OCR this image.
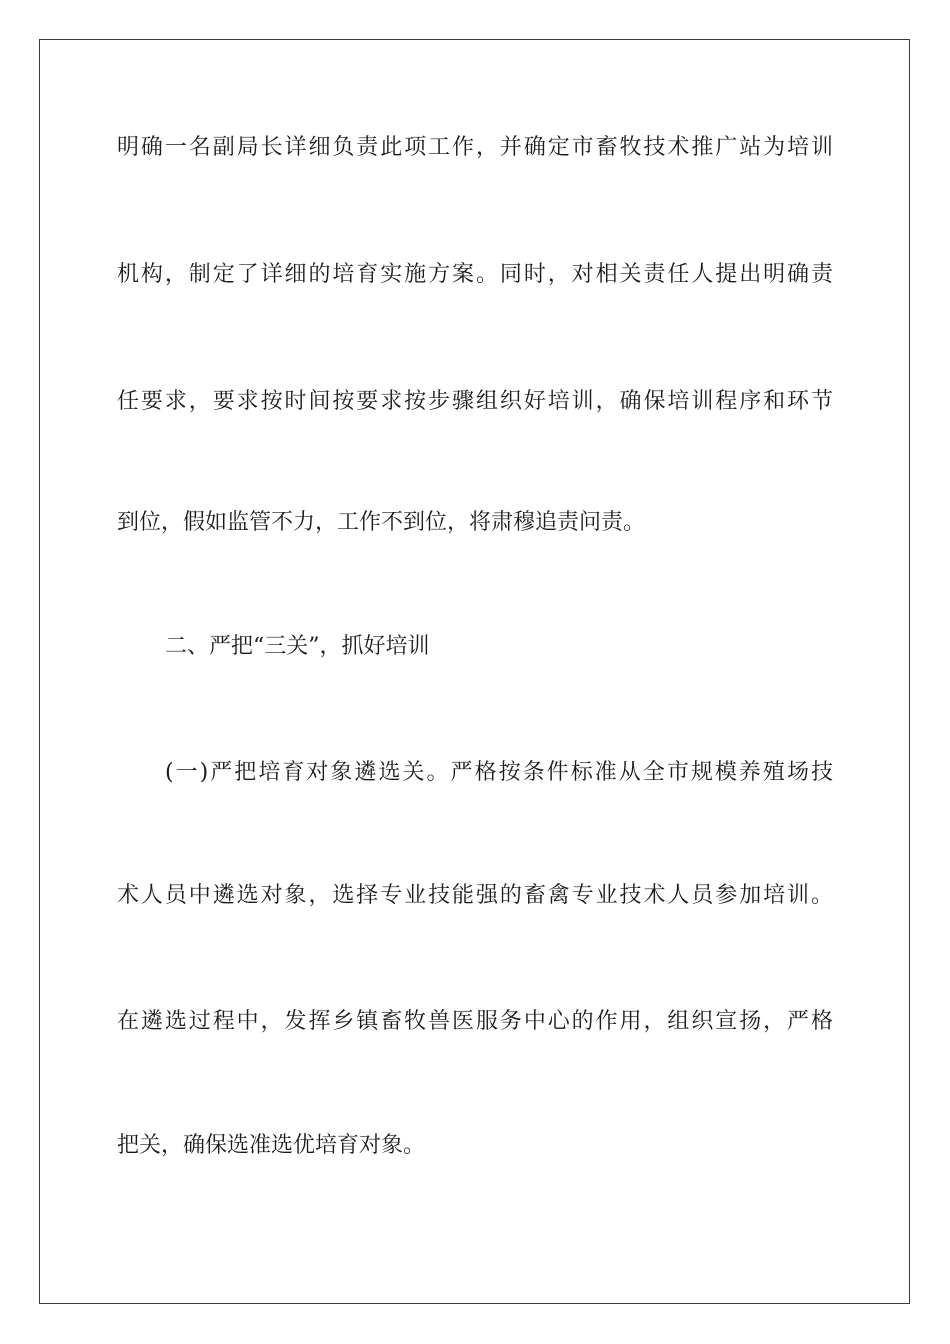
明确一名副局长详细负责此项工作，并确定市畜牧技术推广站为培训

机构，制定了详细的培育实施方案。同时，对相关责任人提出明确责

任要求，要求按时间按要求按步骤组织好培训，确保培训程序和环节

到位，假如监管不力，工作不到位，将肃穆追责问责。

二、严把“三关”，抓好培训

(一)严把培育对象遴选关。严格按条件标准从全市规模养殖场技

术人员中遴选对象，选择专业技能强的畜禽专业技术人员参加培训。

在遴选过程中，发挥乡镇畜牧兽医服务中心的作用，组织宣扬，严格

把关，确保选准选优培育对象。
